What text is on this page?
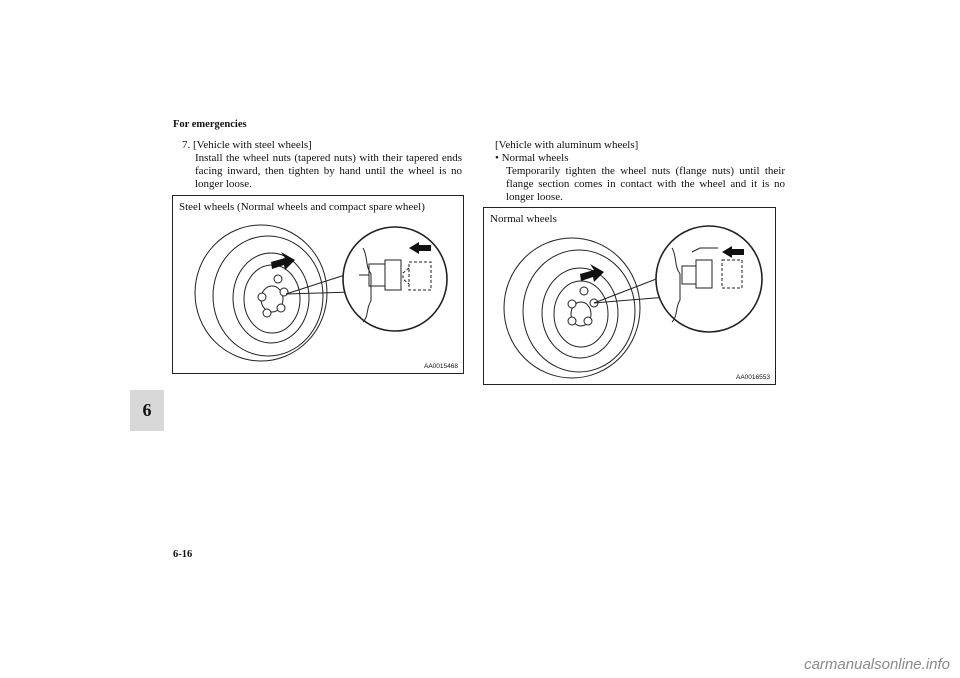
For emergencies
6
7. [Vehicle with steel wheels]
Install the wheel nuts (tapered nuts) with their tapered ends facing inward, then tighten by hand until the wheel is no longer loose.
[Vehicle with aluminum wheels]
• Normal wheels
Temporarily tighten the wheel nuts (flange nuts) until their flange section comes in contact with the wheel and it is no longer loose.
Steel wheels (Normal wheels and compact spare wheel)
AA0015468
Normal wheels
AA0016553
6-16
carmanualsonline.info
